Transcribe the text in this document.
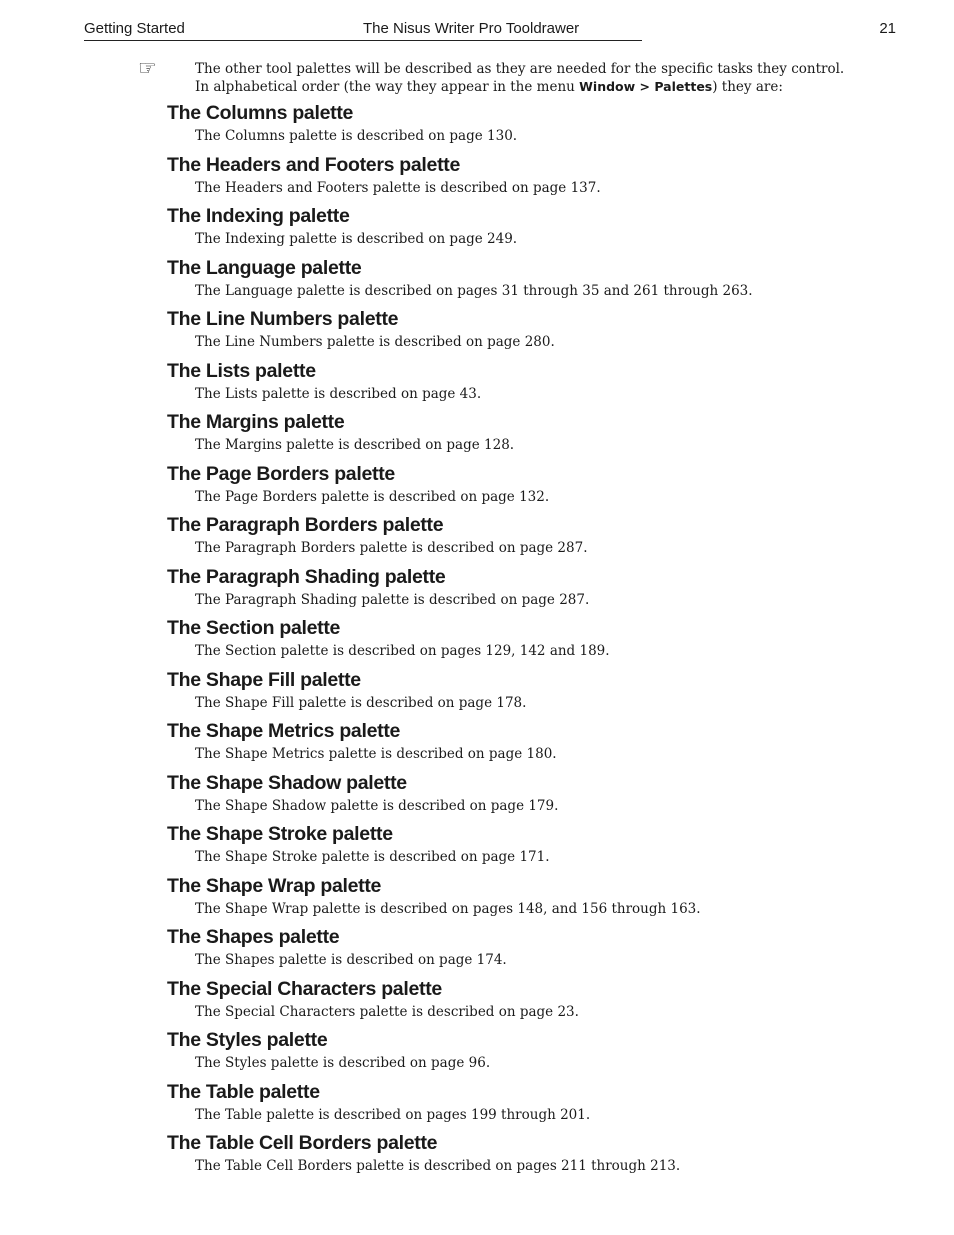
Getting Started	The Nisus Writer Pro Tooldrawer	21
☞	The other tool palettes will be described as they are needed for the specific tasks they control. In alphabetical order (the way they appear in the menu Window > Palettes) they are:
The Columns palette
The Columns palette is described on page 130.
The Headers and Footers palette
The Headers and Footers palette is described on page 137.
The Indexing palette
The Indexing palette is described on page 249.
The Language palette
The Language palette is described on pages 31 through 35 and 261 through 263.
The Line Numbers palette
The Line Numbers palette is described on page 280.
The Lists palette
The Lists palette is described on page 43.
The Margins palette
The Margins palette is described on page 128.
The Page Borders palette
The Page Borders palette is described on page 132.
The Paragraph Borders palette
The Paragraph Borders palette is described on page 287.
The Paragraph Shading palette
The Paragraph Shading palette is described on page 287.
The Section palette
The Section palette is described on pages 129, 142 and 189.
The Shape Fill palette
The Shape Fill palette is described on page 178.
The Shape Metrics palette
The Shape Metrics palette is described on page 180.
The Shape Shadow palette
The Shape Shadow palette is described on page 179.
The Shape Stroke palette
The Shape Stroke palette is described on page 171.
The Shape Wrap palette
The Shape Wrap palette is described on pages 148, and 156 through 163.
The Shapes palette
The Shapes palette is described on page 174.
The Special Characters palette
The Special Characters palette is described on page 23.
The Styles palette
The Styles palette is described on page 96.
The Table palette
The Table palette is described on pages 199 through 201.
The Table Cell Borders palette
The Table Cell Borders palette is described on pages 211 through 213.
